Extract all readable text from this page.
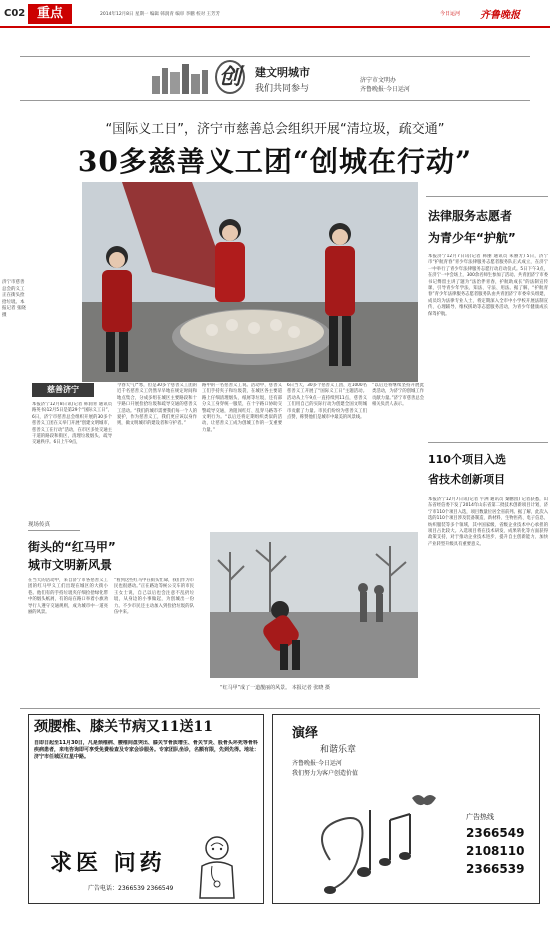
C02 重点	2014年12月8日 星期一 编辑 韩润青 编审 李鹏 校对 王芳芳	今日运河 齐鲁晚报
创	建文明城市
我们共同参与
济宁市文明办
齐鲁晚报·今日运河
“国际义工日”，济宁市慈善总会组织开展“清垃圾，疏交通”
30多慈善义工团“创城在行动”
济宁市慈善总会的义工正在街头捡拾垃圾。本报记者 张晓 摄
法律服务志愿者
为青少年“护航”
本报济宁12月7日讯(记者 韩丽 通讯员 朱丽芳) 5日，济宁市“护航青春”青少年法律服务志愿者服务队正式成立，在济宁一中举行了青少年法律服务志愿行动启动仪式。5日下午3点，在济宁一中会场上，300余名师生参加了活动。共青团济宁市委书记傅留主讲了题为“法治伴青春，护航助成长”的法制宣传课，引导青少年学法、知法、守法、用法。据了解，“护航青春”青少年法律服务志愿者服务队由共青团济宁市委牵头组建，成员均为法律专业人士，将定期深入全市中小学校开展法制宣传、心理辅导、维权援助等志愿服务活动，为青少年健康成长保驾护航。
110个项目入选
省技术创新项目
本报济宁12月7日讯(记者 宇洲 通讯员 秦鹏园) 记者获悉，山东省经信委下发了2014年山东省第二批技术创新项目计划，济宁市110个项目入选，项目数量位居全省前列。据了解，此次入选的110个项目涉及装备制造、新材料、生物医药、电子信息、纺织服装等多个领域，其中国家级、省级企业技术中心承担的项目占比较大。入选项目将在技术研发、成果转化等方面获得政策支持，对于推动企业技术进步、提升自主创新能力、加快产业转型升级具有重要意义。
慈善济宁
本报济宁12月8日讯(记者 韩润青 通讯员 路英书)12月5日是第29个“国际义工日”，6日，济宁市慈善总会组织开展的30多个慈善义工团在义举门开展“创建文明城市，慈善义工在行动”活动，在市区多处交通主干道的路段和街区，清理垃圾烟头、疏导交通秩序。6日上午9点，
今春天气严寒，但是30多个慈善义工团的近千名慈善义工仍然早早地在规定时间和地点集合，分成多组在城区主要路段和十字路口开展捡拾垃圾和疏导交通的慈善义工活动。“我们的城市需要我们每一个人的爱护，作为慈善义工，我们更应该以身作则，做文明城市的建设者和守护者。”
路中的一名慈善义工说。活动中，慈善义工们手持夹子和垃圾袋，在城区各主要道路上仔细清理烟头、纸屑等垃圾，还有部分义工身穿统一服装，在十字路口协助交警疏导交通，劝阻闯红灯、乱穿马路等不文明行为。“以后还将定期组织类似的活动，让慈善义工成为创城工作的一支重要力量。”
6日当天，30多个慈善义工团、近1000名慈善义工开展了“国际义工日”主题活动。活动从上午9点一直持续到11点，慈善义工们用自己的实际行动为创建全国文明城市贡献了力量。市民们纷纷为慈善义工们点赞，称赞他们是城市中最美的风景线。
“以后还将继续坚持开展此类活动，为济宁的创城工作贡献力量。”济宁市慈善总会相关负责人表示。
现场传真
街头的“红马甲”
城市文明新风景
在当天的活动中，来自济宁市各慈善义工团的红马甲义工们出现在城区的大街小巷。他们有的手持垃圾夹仔细捡拾绿化带中的烟头纸屑，有的站在路口举着小旗劝导行人遵守交通规则，成为城市中一道亮丽的风景。
“看到这些红马甲在街头忙碌，我们作为市民也很感动。”正在路边等候公交车的市民王女士说，自己以后也会注意不乱扔垃圾，从身边的小事做起，为创城出一份力。不少市民还主动加入到捡拾垃圾的队伍中来。
“红马甲”成了一道靓丽的风景。 本报记者 张晓 摄
颈腰椎、膝关节病又11送11
自即日起至11月30日，凡是颈椎病、腰椎间盘突出、膝关节骨质增生、骨关节炎、股骨头坏死等骨科疾病患者，来电咨询即可享受免费检查及专家会诊服务。专家团队坐诊，名额有限，先到先得。地址：济宁市任城区红星中路。
求医 问药
广告电话：2366539 2366549
演绎
和谐乐章
齐鲁晚报·今日运河
我们努力为客户创造价值
广告热线
2366549
2108110
2366539
